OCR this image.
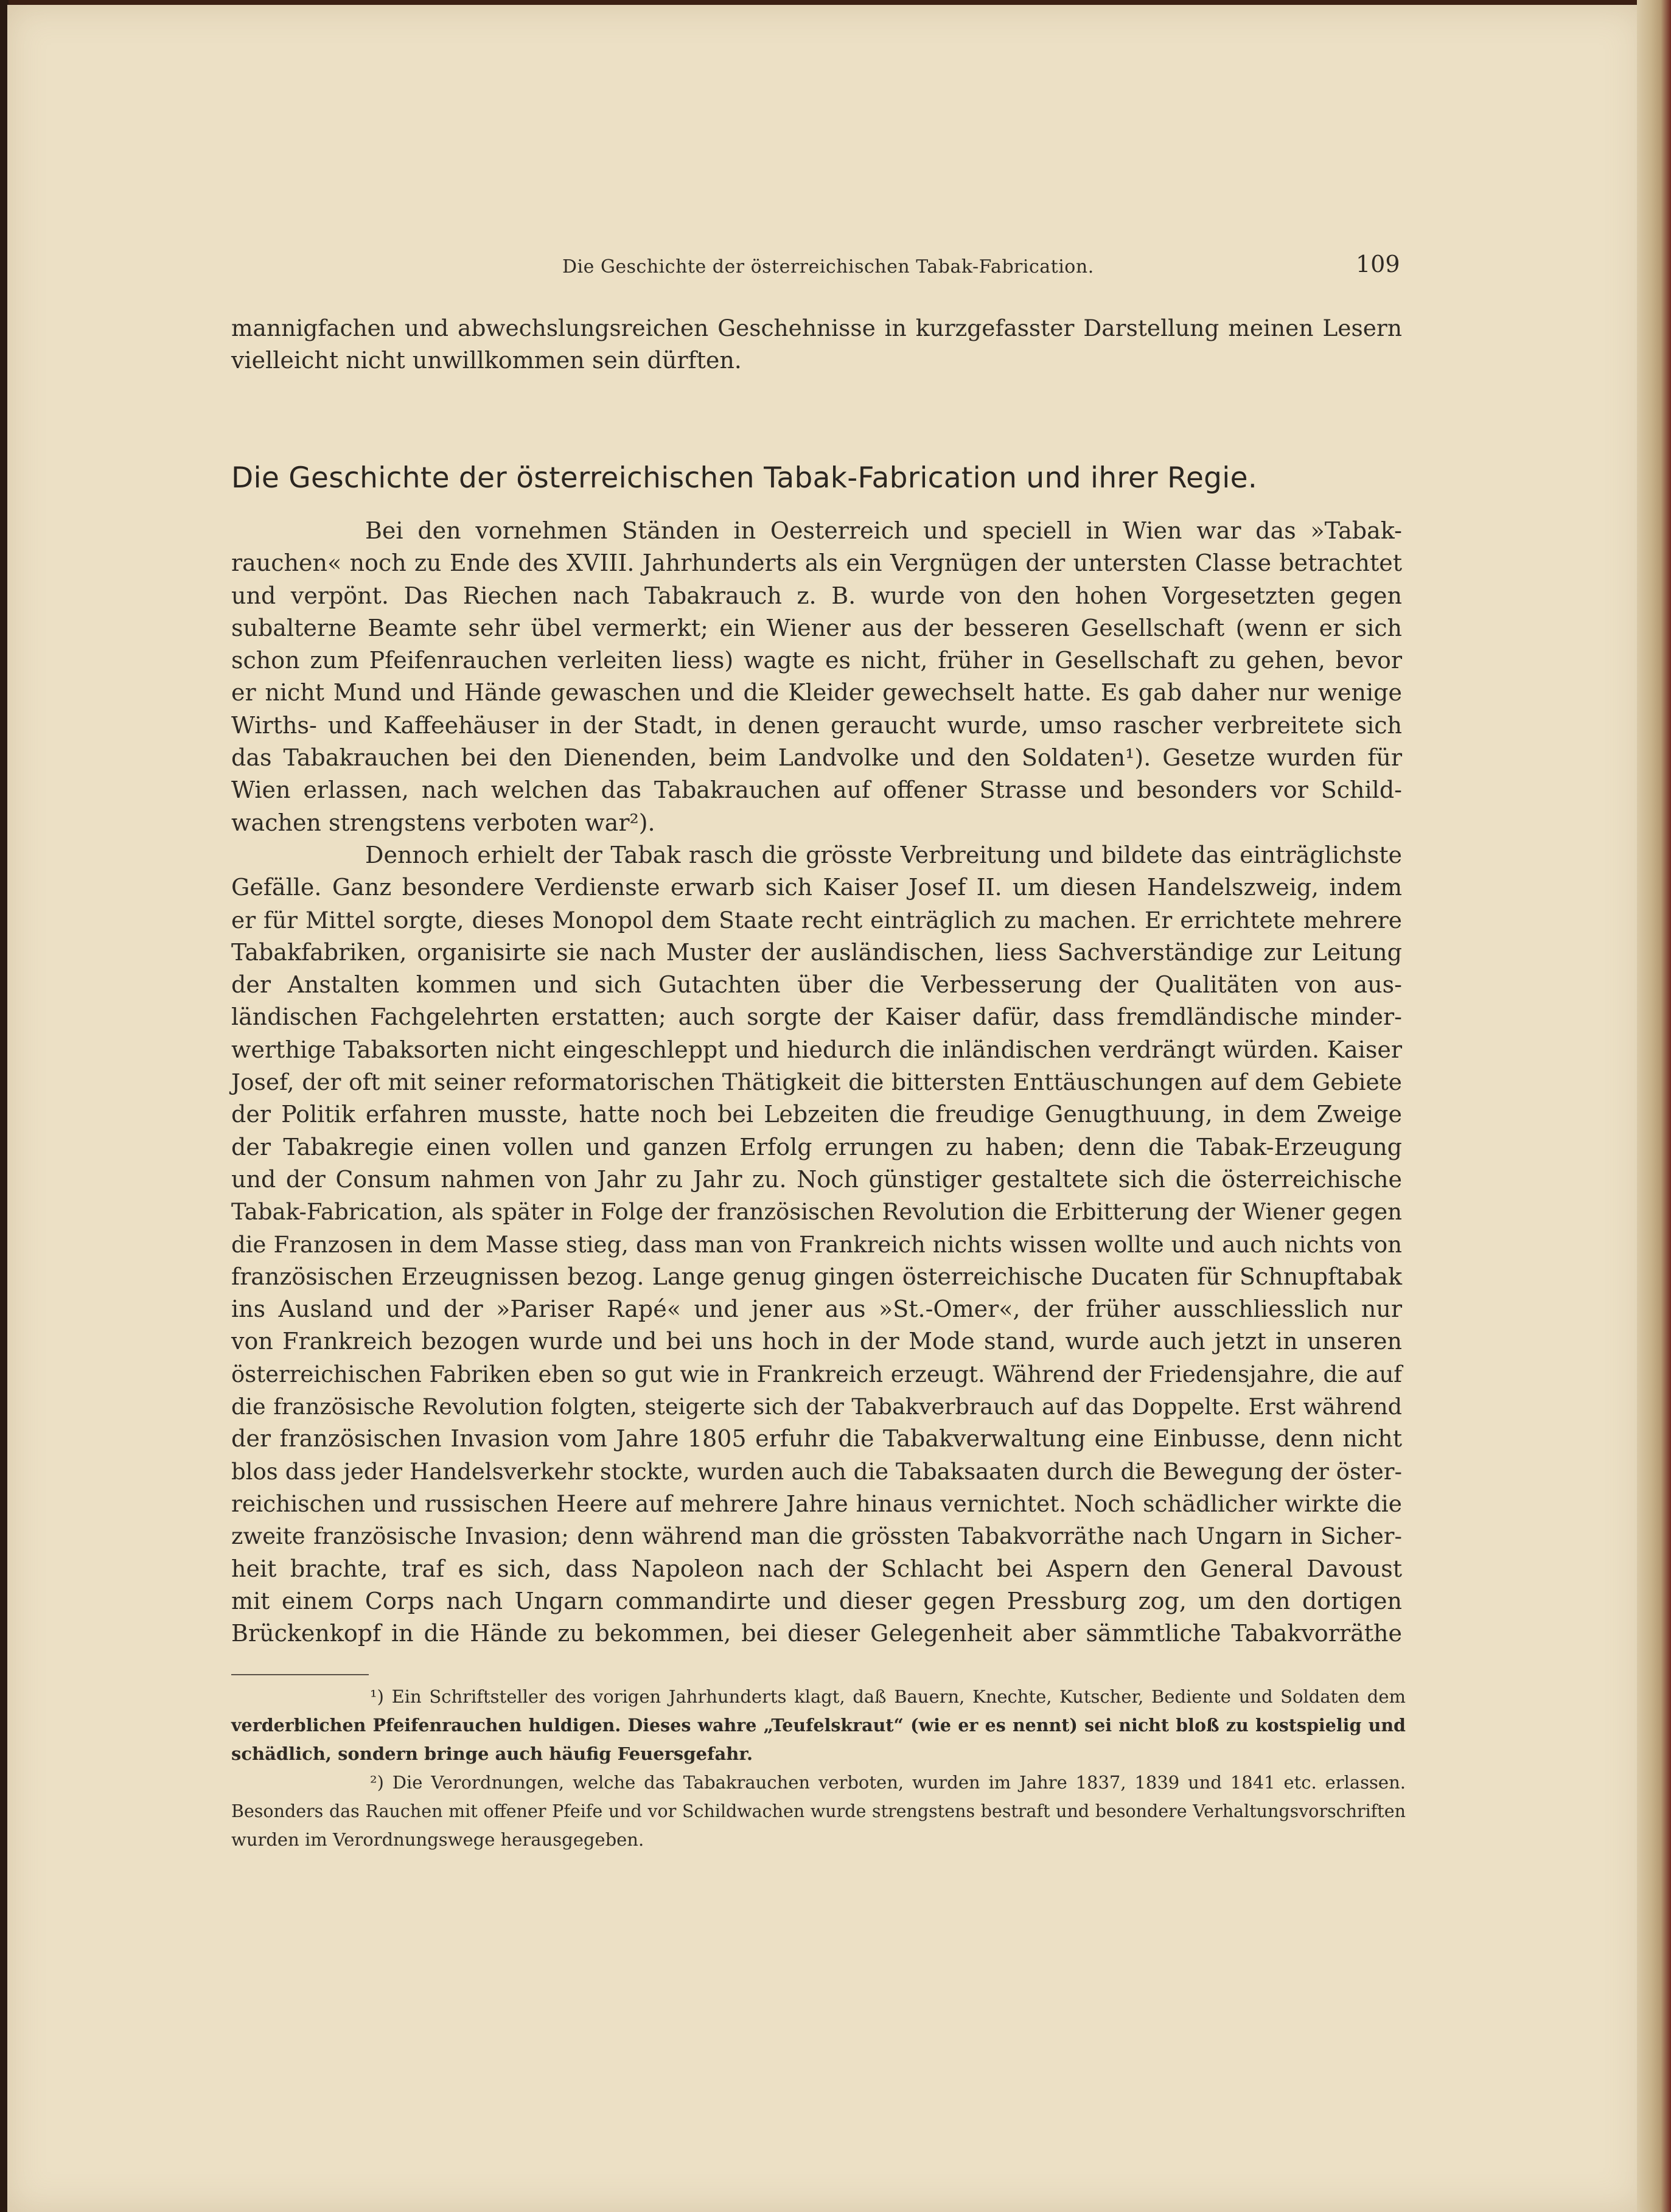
Die Geschichte der österreichischen Tabak-Fabrication.	109
mannigfachen und abwechslungsreichen Geschehnisse in kurzgefasster Darstellung meinen Lesern
vielleicht nicht unwillkommen sein dürften.
Die Geschichte der österreichischen Tabak-Fabrication und ihrer Regie.
Bei den vornehmen Ständen in Oesterreich und speciell in Wien war das »Tabak-
rauchen« noch zu Ende des XVIII. Jahrhunderts als ein Vergnügen der untersten Classe betrachtet
und verpönt. Das Riechen nach Tabakrauch z. B. wurde von den hohen Vorgesetzten gegen
subalterne Beamte sehr übel vermerkt; ein Wiener aus der besseren Gesellschaft (wenn er sich
schon zum Pfeifenrauchen verleiten liess) wagte es nicht, früher in Gesellschaft zu gehen, bevor
er nicht Mund und Hände gewaschen und die Kleider gewechselt hatte. Es gab daher nur wenige
Wirths- und Kaffeehäuser in der Stadt, in denen geraucht wurde, umso rascher verbreitete sich
das Tabakrauchen bei den Dienenden, beim Landvolke und den Soldaten¹). Gesetze wurden für
Wien erlassen, nach welchen das Tabakrauchen auf offener Strasse und besonders vor Schild-
wachen strengstens verboten war²).
Dennoch erhielt der Tabak rasch die grösste Verbreitung und bildete das einträglichste
Gefälle. Ganz besondere Verdienste erwarb sich Kaiser Josef II. um diesen Handelszweig, indem
er für Mittel sorgte, dieses Monopol dem Staate recht einträglich zu machen. Er errichtete mehrere
Tabakfabriken, organisirte sie nach Muster der ausländischen, liess Sachverständige zur Leitung
der Anstalten kommen und sich Gutachten über die Verbesserung der Qualitäten von aus-
ländischen Fachgelehrten erstatten; auch sorgte der Kaiser dafür, dass fremdländische minder-
werthige Tabaksorten nicht eingeschleppt und hiedurch die inländischen verdrängt würden. Kaiser
Josef, der oft mit seiner reformatorischen Thätigkeit die bittersten Enttäuschungen auf dem Gebiete
der Politik erfahren musste, hatte noch bei Lebzeiten die freudige Genugthuung, in dem Zweige
der Tabakregie einen vollen und ganzen Erfolg errungen zu haben; denn die Tabak-Erzeugung
und der Consum nahmen von Jahr zu Jahr zu. Noch günstiger gestaltete sich die österreichische
Tabak-Fabrication, als später in Folge der französischen Revolution die Erbitterung der Wiener gegen
die Franzosen in dem Masse stieg, dass man von Frankreich nichts wissen wollte und auch nichts von
französischen Erzeugnissen bezog. Lange genug gingen österreichische Ducaten für Schnupftabak
ins Ausland und der »Pariser Rapé« und jener aus »St.-Omer«, der früher ausschliesslich nur
von Frankreich bezogen wurde und bei uns hoch in der Mode stand, wurde auch jetzt in unseren
österreichischen Fabriken eben so gut wie in Frankreich erzeugt. Während der Friedensjahre, die auf
die französische Revolution folgten, steigerte sich der Tabakverbrauch auf das Doppelte. Erst während
der französischen Invasion vom Jahre 1805 erfuhr die Tabakverwaltung eine Einbusse, denn nicht
blos dass jeder Handelsverkehr stockte, wurden auch die Tabaksaaten durch die Bewegung der öster-
reichischen und russischen Heere auf mehrere Jahre hinaus vernichtet. Noch schädlicher wirkte die
zweite französische Invasion; denn während man die grössten Tabakvorräthe nach Ungarn in Sicher-
heit brachte, traf es sich, dass Napoleon nach der Schlacht bei Aspern den General Davoust
mit einem Corps nach Ungarn commandirte und dieser gegen Pressburg zog, um den dortigen
Brückenkopf in die Hände zu bekommen, bei dieser Gelegenheit aber sämmtliche Tabakvorräthe
¹) Ein Schriftsteller des vorigen Jahrhunderts klagt, daß Bauern, Knechte, Kutscher, Bediente und Soldaten dem
verderblichen Pfeifenrauchen huldigen. Dieses wahre „Teufelskraut“ (wie er es nennt) sei nicht bloß zu kostspielig und
schädlich, sondern bringe auch häufig Feuersgefahr.
²) Die Verordnungen, welche das Tabakrauchen verboten, wurden im Jahre 1837, 1839 und 1841 etc. erlassen.
Besonders das Rauchen mit offener Pfeife und vor Schildwachen wurde strengstens bestraft und besondere Verhaltungsvorschriften
wurden im Verordnungswege herausgegeben.
